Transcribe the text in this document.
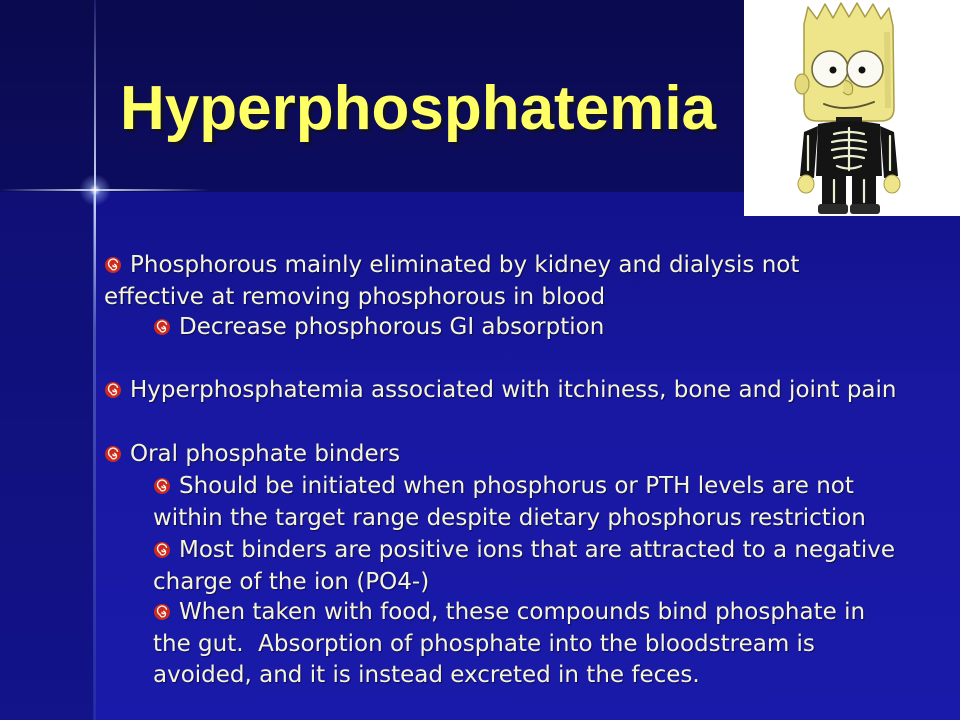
Hyperphosphatemia
Phosphorous mainly eliminated by kidney and dialysis not effective at removing phosphorous in blood
Decrease phosphorous GI absorption
Hyperphosphatemia associated with itchiness, bone and joint pain
Oral phosphate binders
Should be initiated when phosphorus or PTH levels are not within the target range despite dietary phosphorus restriction
Most binders are positive ions that are attracted to a negative charge of the ion (PO4-)
When taken with food, these compounds bind phosphate in the gut.  Absorption of phosphate into the bloodstream is avoided, and it is instead excreted in the feces.
